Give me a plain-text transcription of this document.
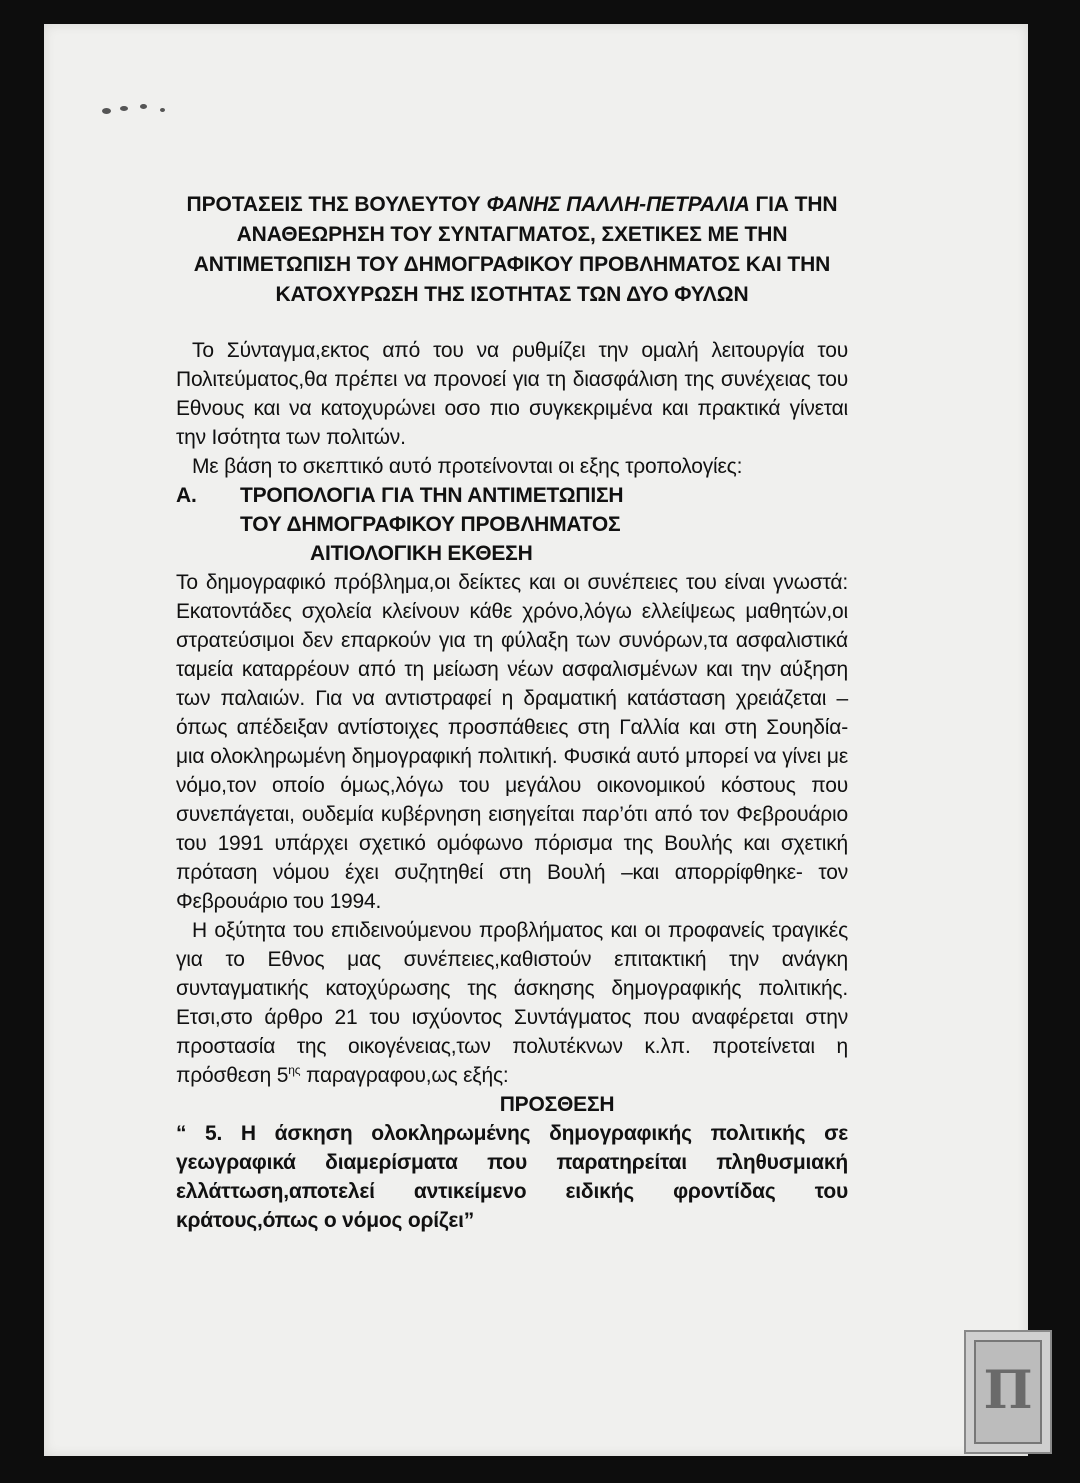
ΠΡΟΤΑΣΕΙΣ ΤΗΣ ΒΟΥΛΕΥΤΟΥ ΦΑΝΗΣ ΠΑΛΛΗ-ΠΕΤΡΑΛΙΑ ΓΙΑ ΤΗΝ
ΑΝΑΘΕΩΡΗΣΗ ΤΟΥ ΣΥΝΤΑΓΜΑΤΟΣ, ΣΧΕΤΙΚΕΣ ΜΕ ΤΗΝ
ΑΝΤΙΜΕΤΩΠΙΣΗ ΤΟΥ ΔΗΜΟΓΡΑΦΙΚΟΥ ΠΡΟΒΛΗΜΑΤΟΣ ΚΑΙ ΤΗΝ
ΚΑΤΟΧΥΡΩΣΗ ΤΗΣ ΙΣΟΤΗΤΑΣ ΤΩΝ ΔΥΟ ΦΥΛΩΝ
Το Σύνταγμα,εκτος από του να ρυθμίζει την ομαλή λειτουργία του Πολιτεύματος,θα πρέπει να προνοεί για τη διασφάλιση της συνέχειας του Εθνους και να κατοχυρώνει οσο πιο συγκεκριμένα και πρακτικά γίνεται την Ισότητα των πολιτών.
Με βάση το σκεπτικό αυτό προτείνονται οι εξης τροπολογίες:
Α. ΤΡΟΠΟΛΟΓΙΑ ΓΙΑ ΤΗΝ ΑΝΤΙΜΕΤΩΠΙΣΗ
ΤΟΥ ΔΗΜΟΓΡΑΦΙΚΟΥ ΠΡΟΒΛΗΜΑΤΟΣ
ΑΙΤΙΟΛΟΓΙΚΗ ΕΚΘΕΣΗ
Το δημογραφικό πρόβλημα,οι δείκτες και οι συνέπειες του είναι γνωστά: Εκατοντάδες σχολεία κλείνουν κάθε χρόνο,λόγω ελλείψεως μαθητών,οι στρατεύσιμοι δεν επαρκούν για τη φύλαξη των συνόρων,τα ασφαλιστικά ταμεία καταρρέουν από τη μείωση νέων ασφαλισμένων και την αύξηση των παλαιών. Για να αντιστραφεί η δραματική κατάσταση χρειάζεται –όπως απέδειξαν αντίστοιχες προσπάθειες στη Γαλλία και στη Σουηδία- μια ολοκληρωμένη δημογραφική πολιτική. Φυσικά αυτό μπορεί να γίνει με νόμο,τον οποίο όμως,λόγω του μεγάλου οικονομικού κόστους που συνεπάγεται, ουδεμία κυβέρνηση εισηγείται παρ’ότι από τον Φεβρουάριο του 1991 υπάρχει σχετικό ομόφωνο πόρισμα της Βουλής και σχετική πρόταση νόμου έχει συζητηθεί στη Βουλή –και απορρίφθηκε- τον Φεβρουάριο του 1994.
Η οξύτητα του επιδεινούμενου προβλήματος και οι προφανείς τραγικές για το Εθνος μας συνέπειες,καθιστούν επιτακτική την ανάγκη συνταγματικής κατοχύρωσης της άσκησης δημογραφικής πολιτικής. Ετσι,στο άρθρο 21 του ισχύοντος Συντάγματος που αναφέρεται στην προστασία της οικογένειας,των πολυτέκνων κ.λπ. προτείνεται η πρόσθεση $5^{\eta\varsigma}$ παραγραφου,ως εξής:
ΠΡΟΣΘΕΣΗ
“ 5. Η άσκηση ολοκληρωμένης δημογραφικής πολιτικής σε γεωγραφικά διαμερίσματα που παρατηρείται πληθυσμιακή ελλάττωση,αποτελεί αντικείμενο ειδικής φροντίδας του κράτους,όπως ο νόμος ορίζει”
Π
